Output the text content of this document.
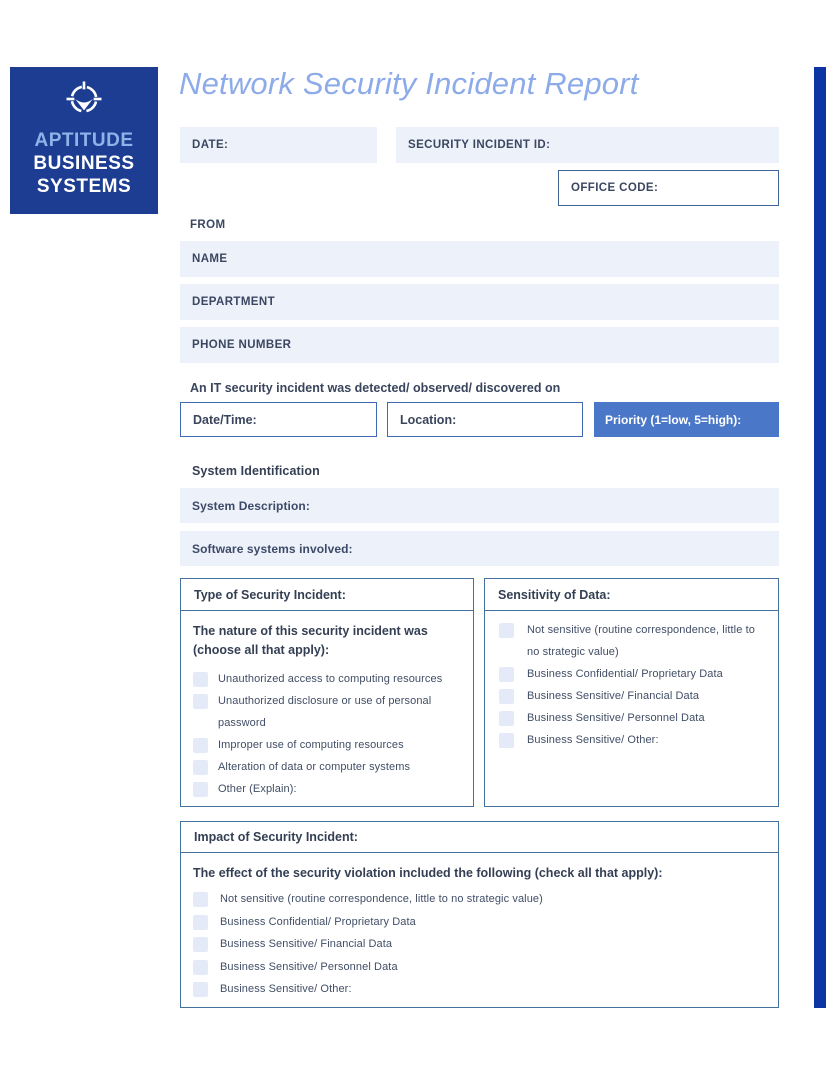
APTITUDE
BUSINESS
SYSTEMS
Network Security Incident Report
DATE:	SECURITY INCIDENT ID:
OFFICE CODE:
FROM
NAME
DEPARTMENT
PHONE NUMBER
An IT security incident was detected/ observed/ discovered on
Date/Time:	Location:	Priority (1=low, 5=high):
System Identification
System Description:
Software systems involved:
Type of Security Incident:
The nature of this security incident was (choose all that apply):
Unauthorized access to computing resources
Unauthorized disclosure or use of personal password
Improper use of computing resources
Alteration of data or computer systems
Other (Explain):
Sensitivity of Data:
Not sensitive (routine correspondence, little to no strategic value)
Business Confidential/ Proprietary Data
Business Sensitive/ Financial Data
Business Sensitive/ Personnel Data
Business Sensitive/ Other:
Impact of Security Incident:
The effect of the security violation included the following (check all that apply):
Not sensitive (routine correspondence, little to no strategic value)
Business Confidential/ Proprietary Data
Business Sensitive/ Financial Data
Business Sensitive/ Personnel Data
Business Sensitive/ Other:
